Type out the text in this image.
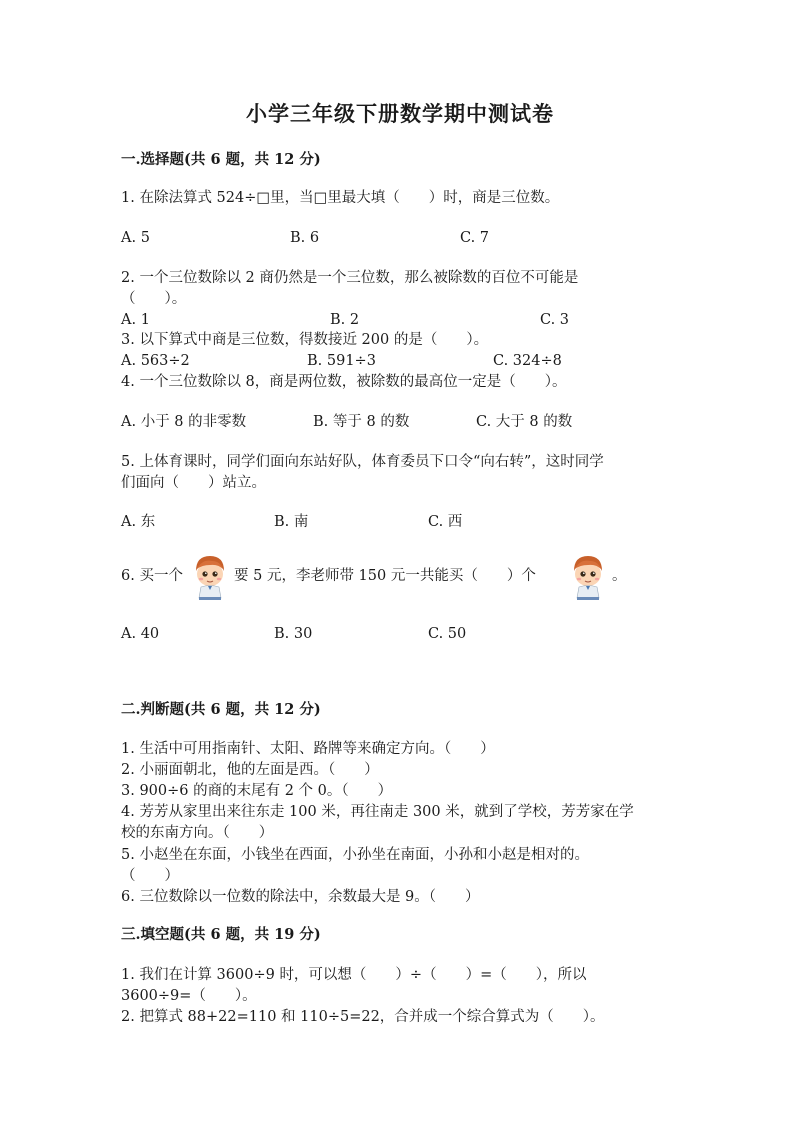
小学三年级下册数学期中测试卷
一.选择题(共 6 题，共 12 分)
1. 在除法算式 524÷□里，当□里最大填（　　）时，商是三位数。
A. 5	B. 6	C. 7
2. 一个三位数除以 2 商仍然是一个三位数，那么被除数的百位不可能是
（　　）。
A. 1	B. 2	C. 3
3. 以下算式中商是三位数，得数接近 200 的是（　　）。
A. 563÷2	B. 591÷3	C. 324÷8
4. 一个三位数除以 8，商是两位数，被除数的最高位一定是（　　）。
A. 小于 8 的非零数	B. 等于 8 的数	C. 大于 8 的数
5. 上体育课时，同学们面向东站好队，体育委员下口令“向右转”，这时同学
们面向（　　）站立。
A. 东	B. 南	C. 西
6. 买一个	要 5 元，李老师带 150 元一共能买（　　）个	。
A. 40	B. 30	C. 50
二.判断题(共 6 题，共 12 分)
1. 生活中可用指南针、太阳、路牌等来确定方向。（　　）
2. 小丽面朝北，他的左面是西。（　　）
3. 900÷6 的商的末尾有 2 个 0。（　　）
4. 芳芳从家里出来往东走 100 米，再往南走 300 米，就到了学校，芳芳家在学
校的东南方向。（　　）
5. 小赵坐在东面，小钱坐在西面，小孙坐在南面，小孙和小赵是相对的。
（　　）
6. 三位数除以一位数的除法中，余数最大是 9。（　　）
三.填空题(共 6 题，共 19 分)
1. 我们在计算 3600÷9 时，可以想（　　）÷（　　）=（　　），所以
3600÷9=（　　）。
2. 把算式 88+22=110 和 110÷5=22，合并成一个综合算式为（　　）。
